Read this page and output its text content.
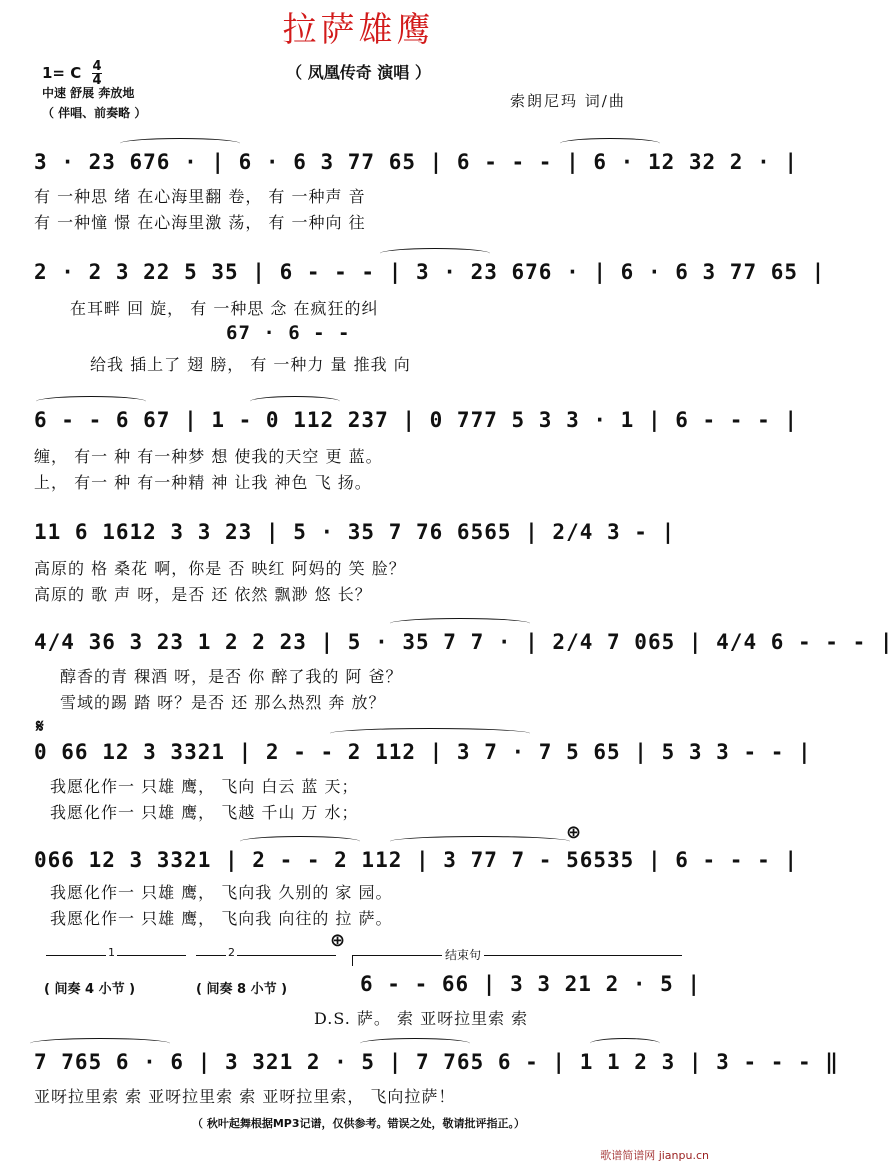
拉萨雄鹰
（ 凤凰传奇 演唱 ）
1= C $\frac{4}{4}$
中速 舒展 奔放地
（ 伴唱、前奏略 ）
索朗尼玛 词/曲
3 · 23 676 · | 6 · 6 3 77 65 | 6 - - - | 6 · 12 32 2 · |
有 一种思 绪 在心海里翻 卷， 有 一种声 音
有 一种憧 憬 在心海里激 荡， 有 一种向 往
2 · 2 3 22 5 35 | 6 - - - | 3 · 23 676 · | 6 · 6 3 77 65 |
在耳畔 回 旋， 有 一种思 念 在疯狂的纠
67 · 6 - -
给我 插上了 翅 膀， 有 一种力 量 推我 向
6 - - 6 67 | 1 - 0 112 237 | 0 777 5 3 3 · 1 | 6 - - - |
缠， 有一 种 有一种梦 想 使我的天空 更 蓝。
上， 有一 种 有一种精 神 让我 神色 飞 扬。
11 6 1612 3 3 23 | 5 · 35 7 76 6565 | 2/4 3 - |
高原的 格 桑花 啊，你是 否 映红 阿妈的 笑 脸？
高原的 歌 声 呀，是否 还 依然 飘渺 悠 长？
4/4 36 3 23 1 2 2 23 | 5 · 35 7 7 · | 2/4 7 065 | 4/4 6 - - - |
醇香的青 稞酒 呀，是否 你 醉了我的 阿 爸？
雪域的踢 踏 呀？是否 还 那么热烈 奔 放？
𝄋
0 66 12 3 3321 | 2 - - 2 112 | 3 7 · 7 5 65 | 5 3 3 - - |
我愿化作一 只雄 鹰， 飞向 白云 蓝 天；
我愿化作一 只雄 鹰， 飞越 千山 万 水；
⊕
066 12 3 3321 | 2 - - 2 112 | 3 77 7 - 56535 | 6 - - - |
我愿化作一 只雄 鹰， 飞向我 久别的 家 园。
我愿化作一 只雄 鹰， 飞向我 向往的 拉 萨。
1	2	结束句
⊕
( 间奏 4 小节 )	( 间奏 8 小节 )	6 - - 66 | 3 3 21 2 · 5 |
D.S. 萨。 索 亚呀拉里索 索
7 765 6 · 6 | 3 321 2 · 5 | 7 765 6 - | 1 1 2 3 | 3 - - - ‖
亚呀拉里索 索 亚呀拉里索 索 亚呀拉里索， 飞向拉萨！
（ 秋叶起舞根据MP3记谱，仅供参考。错误之处，敬请批评指正。）
歌谱简谱网 jianpu.cn
